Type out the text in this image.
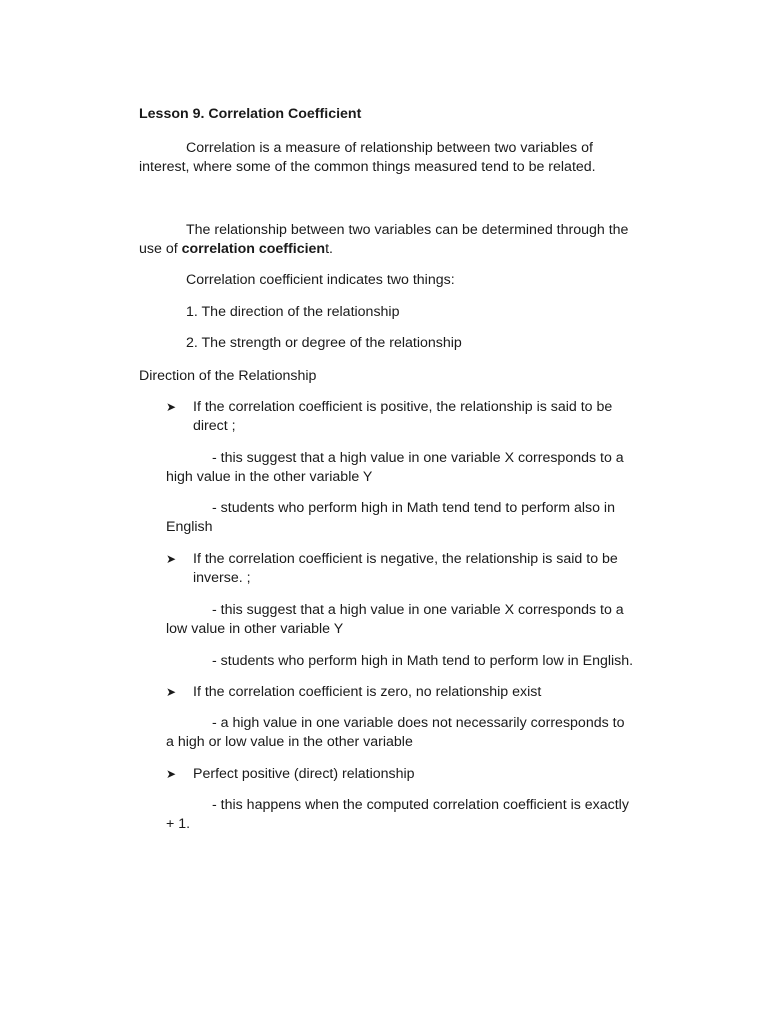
Lesson 9. Correlation Coefficient
Correlation is a measure of relationship between two variables of
interest, where some of the common things measured tend to be related.
The relationship between two variables can be determined through the
use of correlation coefficient.
Correlation coefficient indicates two things:
1. The direction of the relationship
2. The strength or degree of the relationship
Direction of the Relationship
➤ If the correlation coefficient is positive, the relationship is said to be
direct ;
- this suggest that a high value in one variable X corresponds to a
high value in the other variable Y
- students who perform high in Math tend tend to perform also in
English
➤ If the correlation coefficient is negative, the relationship is said to be
inverse. ;
- this suggest that a high value in one variable X corresponds to a
low value in other variable Y
- students who perform high in Math tend to perform low in English.
➤ If the correlation coefficient is zero, no relationship exist
- a high value in one variable does not necessarily corresponds to
a high or low value in the other variable
➤ Perfect positive (direct) relationship
- this happens when the computed correlation coefficient is exactly
+ 1.
